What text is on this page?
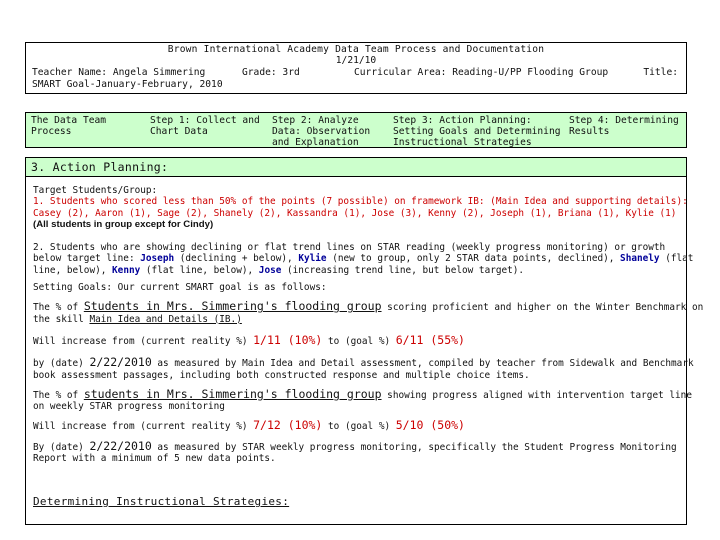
Brown International Academy Data Team Process and Documentation
1/21/10
Teacher Name: Angela Simmering	Grade: 3rd	Curricular Area: Reading-U/PP Flooding Group	Title:
SMART Goal-January-February, 2010
The Data Team
Process
Step 1: Collect and
Chart Data
Step 2: Analyze
Data: Observation
and Explanation
Step 3: Action Planning:
Setting Goals and Determining
Instructional Strategies
Step 4: Determining
Results
3. Action Planning:
Target Students/Group:
1. Students who scored less than 50% of the points (7 possible) on framework IB: (Main Idea and supporting details):
Casey (2), Aaron (1), Sage (2), Shanely (2), Kassandra (1), Jose (3), Kenny (2), Joseph (1), Briana (1), Kylie (1)
(All students in group except for Cindy)
2. Students who are showing declining or flat trend lines on STAR reading (weekly progress monitoring) or growth
below target line: Joseph (declining + below), Kylie (new to group, only 2 STAR data points, declined), Shanely (flat
line, below), Kenny (flat line, below), Jose (increasing trend line, but below target).
Setting Goals: Our current SMART goal is as follows:
The % of Students in Mrs. Simmering's flooding group scoring proficient and higher on the Winter Benchmark on
the skill Main Idea and Details (IB.)
Will increase from (current reality %) 1/11 (10%) to (goal %) 6/11 (55%)
by (date) 2/22/2010 as measured by Main Idea and Detail assessment, compiled by teacher from Sidewalk and Benchmark
book assessment passages, including both constructed response and multiple choice items.
The % of students in Mrs. Simmering's flooding group showing progress aligned with intervention target line
on weekly STAR progress monitoring
Will increase from (current reality %) 7/12 (10%) to (goal %) 5/10 (50%)
By (date) 2/22/2010 as measured by STAR weekly progress monitoring, specifically the Student Progress Monitoring
Report with a minimum of 5 new data points.
Determining Instructional Strategies:
